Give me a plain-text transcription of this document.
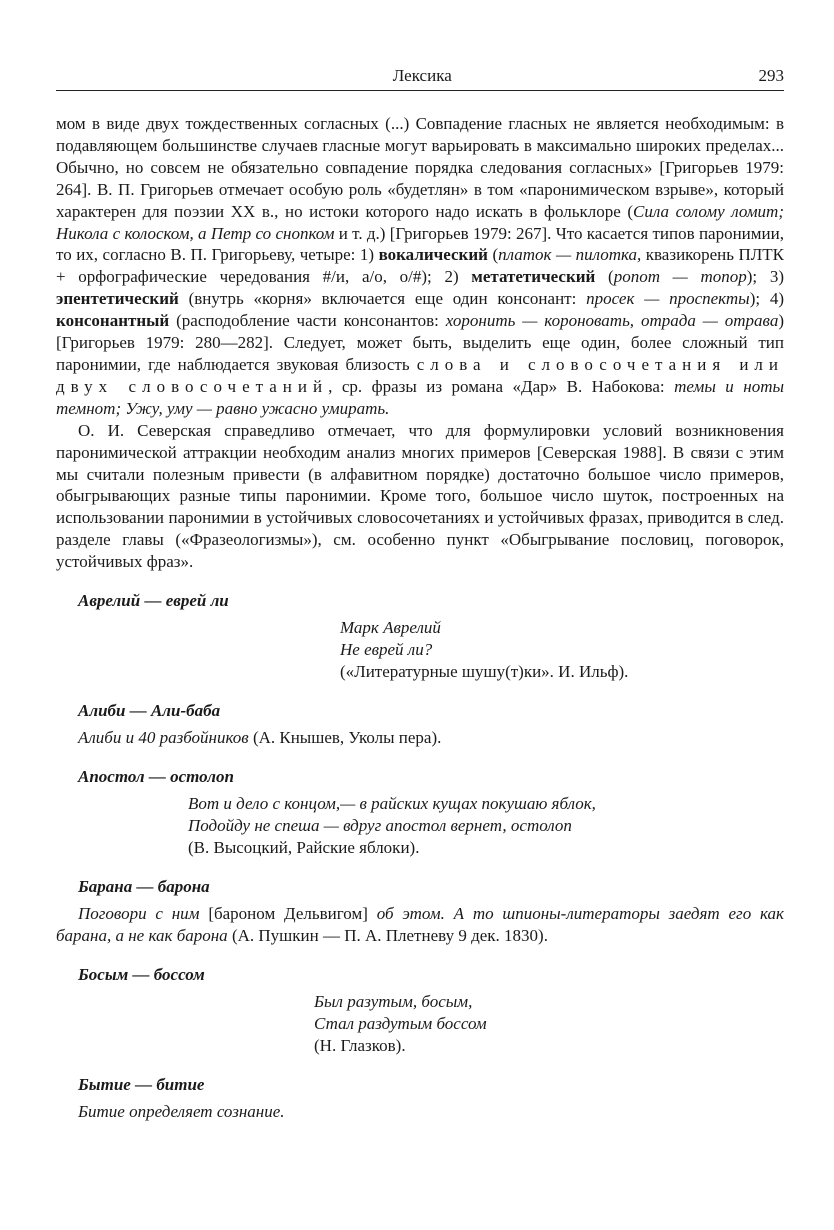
Лексика	293

мом в виде двух тождественных согласных (...) Совпадение гласных не является необходимым: в подавляющем большинстве случаев гласные могут варьировать в максимально широких пределах... Обычно, но совсем не обязательно совпадение порядка следования согласных» [Григорьев 1979: 264]. В. П. Григорьев отмечает особую роль «будетлян» в том «паронимическом взрыве», который характерен для поэзии XX в., но истоки которого надо искать в фольклоре (Сила солому ломит; Никола с колоском, а Петр со снопком и т. д.) [Григорьев 1979: 267]. Что касается типов паронимии, то их, согласно В. П. Григорьеву, четыре: 1) вокалический (платок — пилотка, квазикорень ПЛТК + орфографические чередования #/и, а/о, о/#); 2) метатетический (ропот — топор); 3) эпентетический (внутрь «корня» включается еще один консонант: просек — проспекты); 4) консонантный (расподобление части консонантов: хоронить — короновать, отрада — отрава) [Григорьев 1979: 280—282]. Следует, может быть, выделить еще один, более сложный тип паронимии, где наблюдается звуковая близость слова и словосочетания или двух словосочетаний, ср. фразы из романа «Дар» В. Набокова: темы и ноты темнот; Ужу, уму — равно ужасно умирать.

О. И. Северская справедливо отмечает, что для формулировки условий возникновения паронимической аттракции необходим анализ многих примеров [Северская 1988]. В связи с этим мы считали полезным привести (в алфавитном порядке) достаточно большое число примеров, обыгрывающих разные типы паронимии. Кроме того, большое число шуток, построенных на использовании паронимии в устойчивых словосочетаниях и устойчивых фразах, приводится в след. разделе главы («Фразеологизмы»), см. особенно пункт «Обыгрывание пословиц, поговорок, устойчивых фраз».

Аврелий — еврей ли
Марк Аврелий
Не еврей ли?
(«Литературные шушу(т)ки». И. Ильф).
Алиби — Али-баба
Алиби и 40 разбойников (А. Кнышев, Уколы пера).
Апостол — остолоп
Вот и дело с концом,— в райских кущах покушаю яблок,
Подойду не спеша — вдруг апостол вернет, остолоп
(В. Высоцкий, Райские яблоки).
Барана — барона
Поговори с ним [бароном Дельвигом] об этом. А то шпионы-литераторы заедят его как барана, а не как барона (А. Пушкин — П. А. Плетневу 9 дек. 1830).
Босым — боссом
Был разутым, босым,
Стал раздутым боссом
(Н. Глазков).
Бытие — битие
Битие определяет сознание.
